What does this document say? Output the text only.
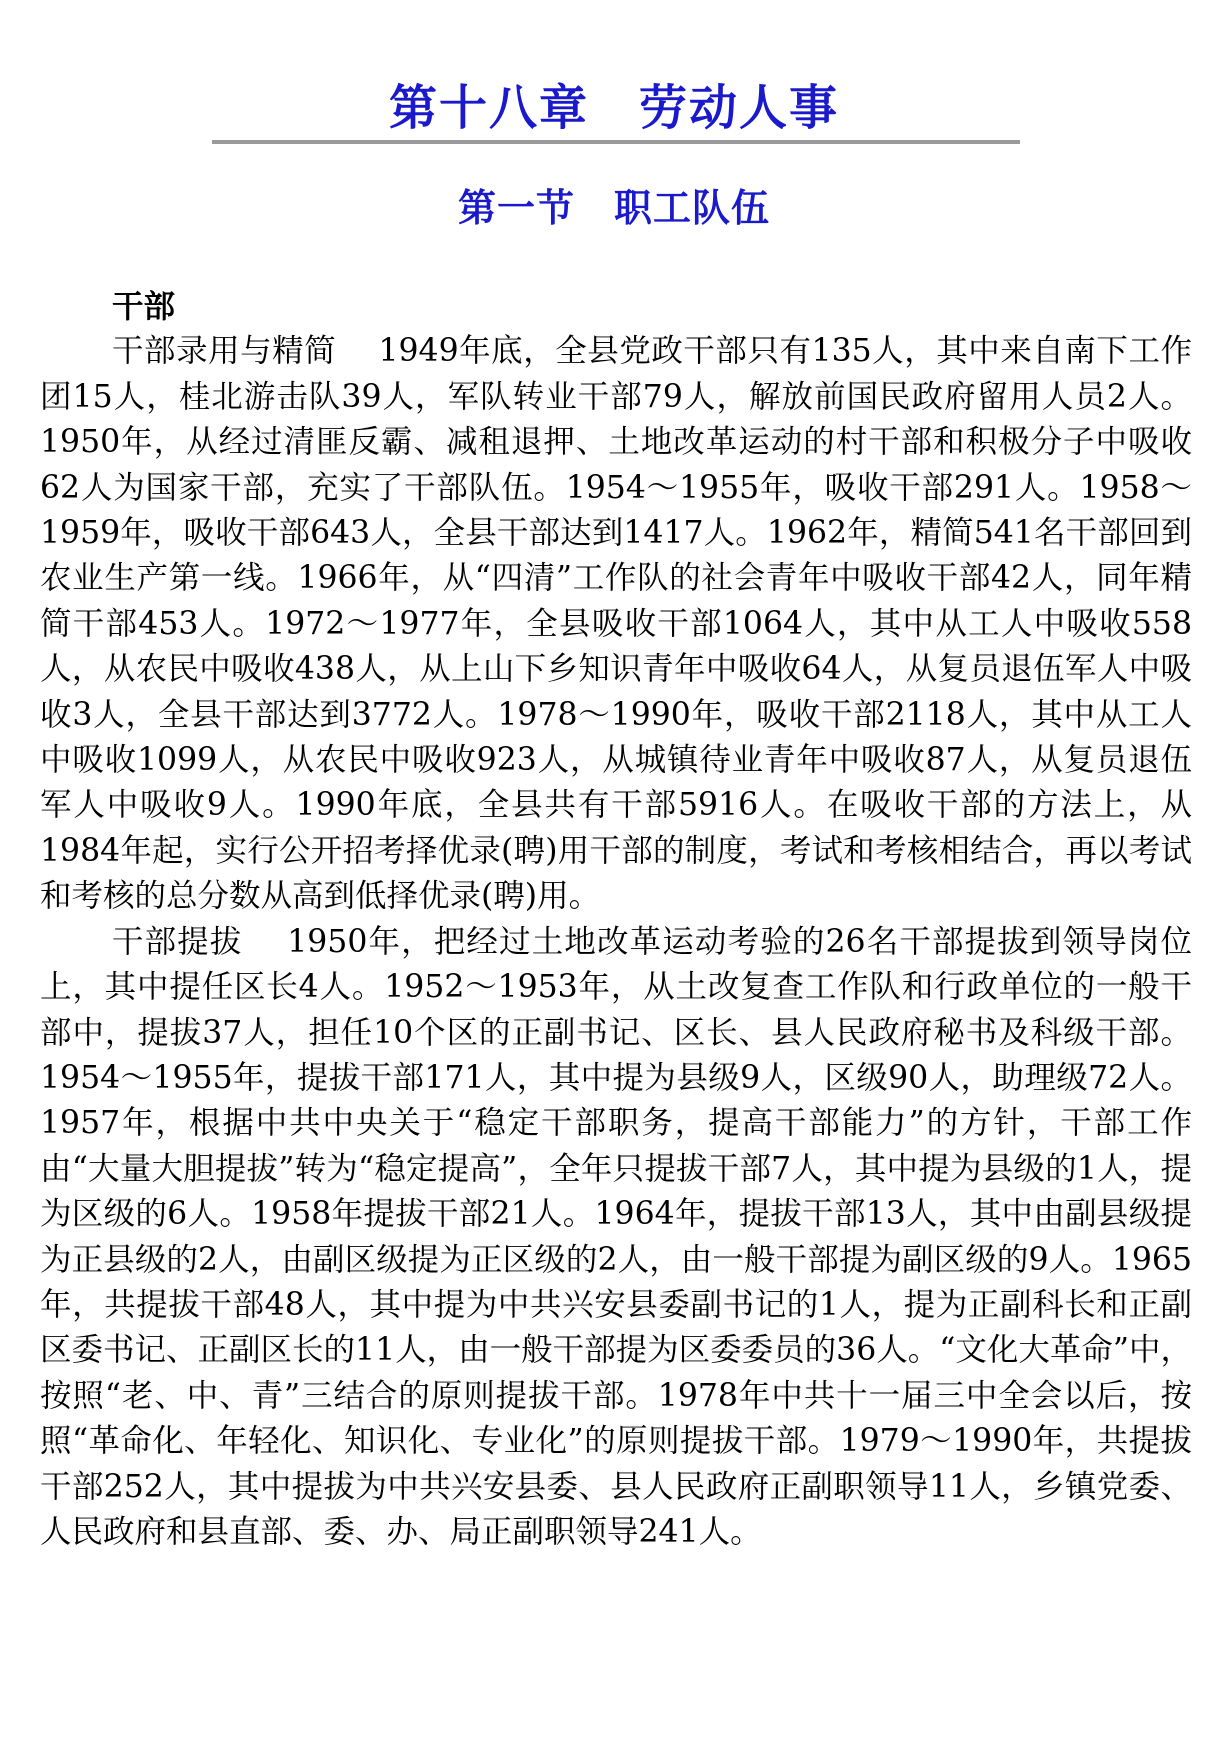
第十八章　劳动人事
第一节　职工队伍

干部

干部录用与精简 1949年底，全县党政干部只有135人，其中来自南下工作团15人，桂北游击队39人，军队转业干部79人，解放前国民政府留用人员2人。1950年，从经过清匪反霸、减租退押、土地改革运动的村干部和积极分子中吸收62人为国家干部，充实了干部队伍。1954～1955年，吸收干部291人。1958～1959年，吸收干部643人，全县干部达到1417人。1962年，精简541名干部回到农业生产第一线。1966年，从“四清”工作队的社会青年中吸收干部42人，同年精简干部453人。1972～1977年，全县吸收干部1064人，其中从工人中吸收558人，从农民中吸收438人，从上山下乡知识青年中吸收64人，从复员退伍军人中吸收3人，全县干部达到3772人。1978～1990年，吸收干部2118人，其中从工人中吸收1099人，从农民中吸收923人，从城镇待业青年中吸收87人，从复员退伍军人中吸收9人。1990年底，全县共有干部5916人。在吸收干部的方法上，从1984年起，实行公开招考择优录(聘)用干部的制度，考试和考核相结合，再以考试和考核的总分数从高到低择优录(聘)用。

干部提拔 1950年，把经过土地改革运动考验的26名干部提拔到领导岗位上，其中提任区长4人。1952～1953年，从土改复查工作队和行政单位的一般干部中，提拔37人，担任10个区的正副书记、区长、县人民政府秘书及科级干部。1954～1955年，提拔干部171人，其中提为县级9人，区级90人，助理级72人。1957年，根据中共中央关于“稳定干部职务，提高干部能力”的方针，干部工作由“大量大胆提拔”转为“稳定提高”，全年只提拔干部7人，其中提为县级的1人，提为区级的6人。1958年提拔干部21人。1964年，提拔干部13人，其中由副县级提为正县级的2人，由副区级提为正区级的2人，由一般干部提为副区级的9人。1965年，共提拔干部48人，其中提为中共兴安县委副书记的1人，提为正副科长和正副区委书记、正副区长的11人，由一般干部提为区委委员的36人。“文化大革命”中，按照“老、中、青”三结合的原则提拔干部。1978年中共十一届三中全会以后，按照“革命化、年轻化、知识化、专业化”的原则提拔干部。1979～1990年，共提拔干部252人，其中提拔为中共兴安县委、县人民政府正副职领导11人，乡镇党委、人民政府和县直部、委、办、局正副职领导241人。
